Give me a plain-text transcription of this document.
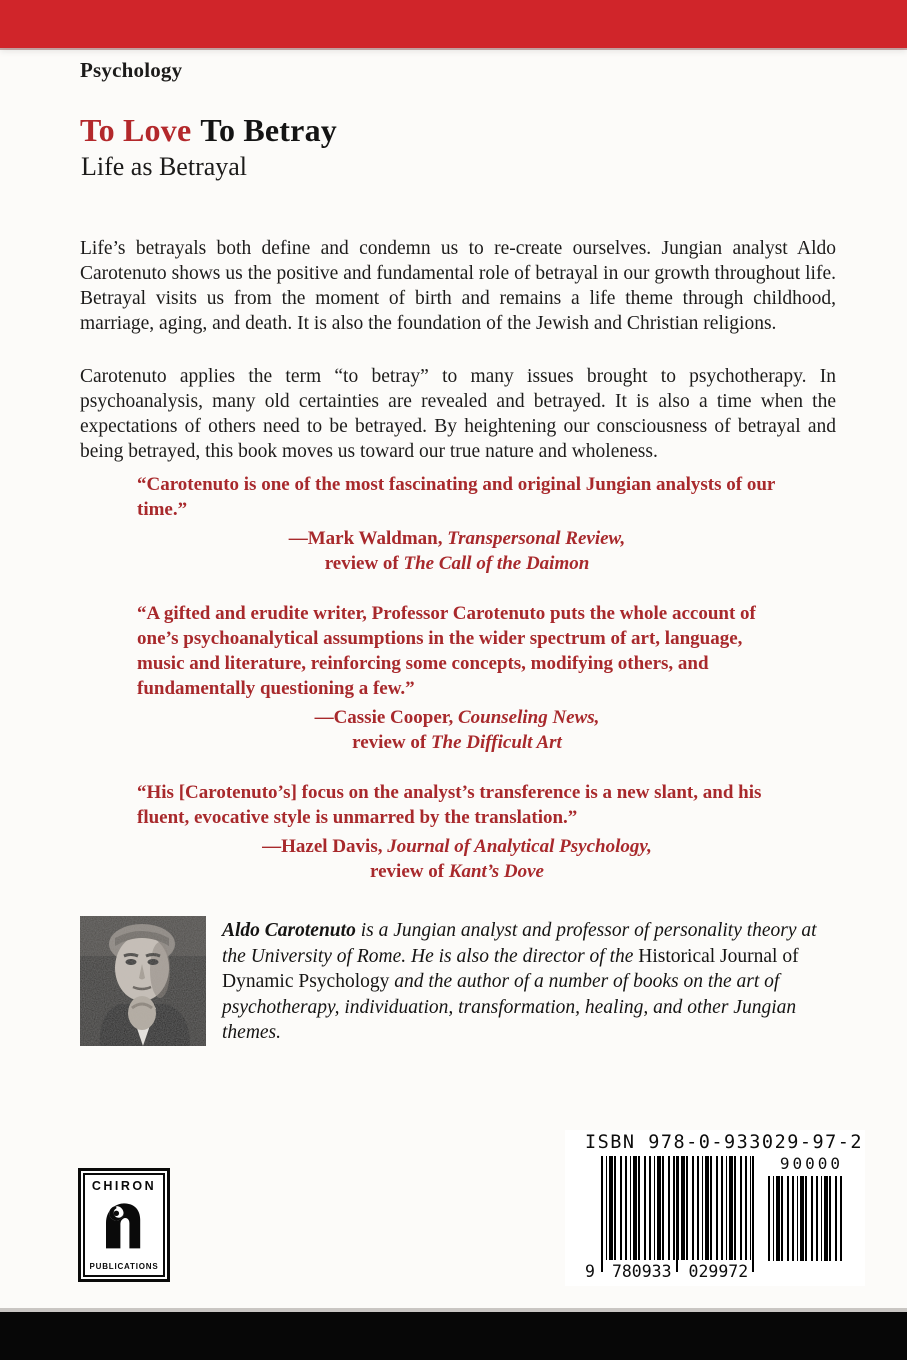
Psychology
To Love To Betray
Life as Betrayal

Life’s betrayals both define and condemn us to re-create ourselves. Jungian analyst Aldo Carotenuto shows us the positive and fundamental role of betrayal in our growth throughout life. Betrayal visits us from the moment of birth and remains a life theme through childhood, marriage, aging, and death. It is also the foundation of the Jewish and Christian religions.

Carotenuto applies the term “to betray” to many issues brought to psychotherapy. In psychoanalysis, many old certainties are revealed and betrayed. It is also a time when the expectations of others need to be betrayed. By heightening our consciousness of betrayal and being betrayed, this book moves us toward our true nature and wholeness.

“Carotenuto is one of the most fascinating and original Jungian analysts of our time.”

—Mark Waldman, Transpersonal Review,
review of The Call of the Daimon

“A gifted and erudite writer, Professor Carotenuto puts the whole account of one’s psychoanalytical assumptions in the wider spectrum of art, language, music and literature, reinforcing some concepts, modifying others, and fundamentally questioning a few.”

—Cassie Cooper, Counseling News,
review of The Difficult Art

“His [Carotenuto’s] focus on the analyst’s transference is a new slant, and his fluent, evocative style is unmarred by the translation.”

—Hazel Davis, Journal of Analytical Psychology,
review of Kant’s Dove

Aldo Carotenuto is a Jungian analyst and professor of personality theory at the University of Rome. He is also the director of the Historical Journal of Dynamic Psychology and the author of a number of books on the art of psychotherapy, individuation, transformation, healing, and other Jungian themes.

CHIRON
PUBLICATIONS
ISBN 978-0-933029-97-2
90000
9 780933 029972
